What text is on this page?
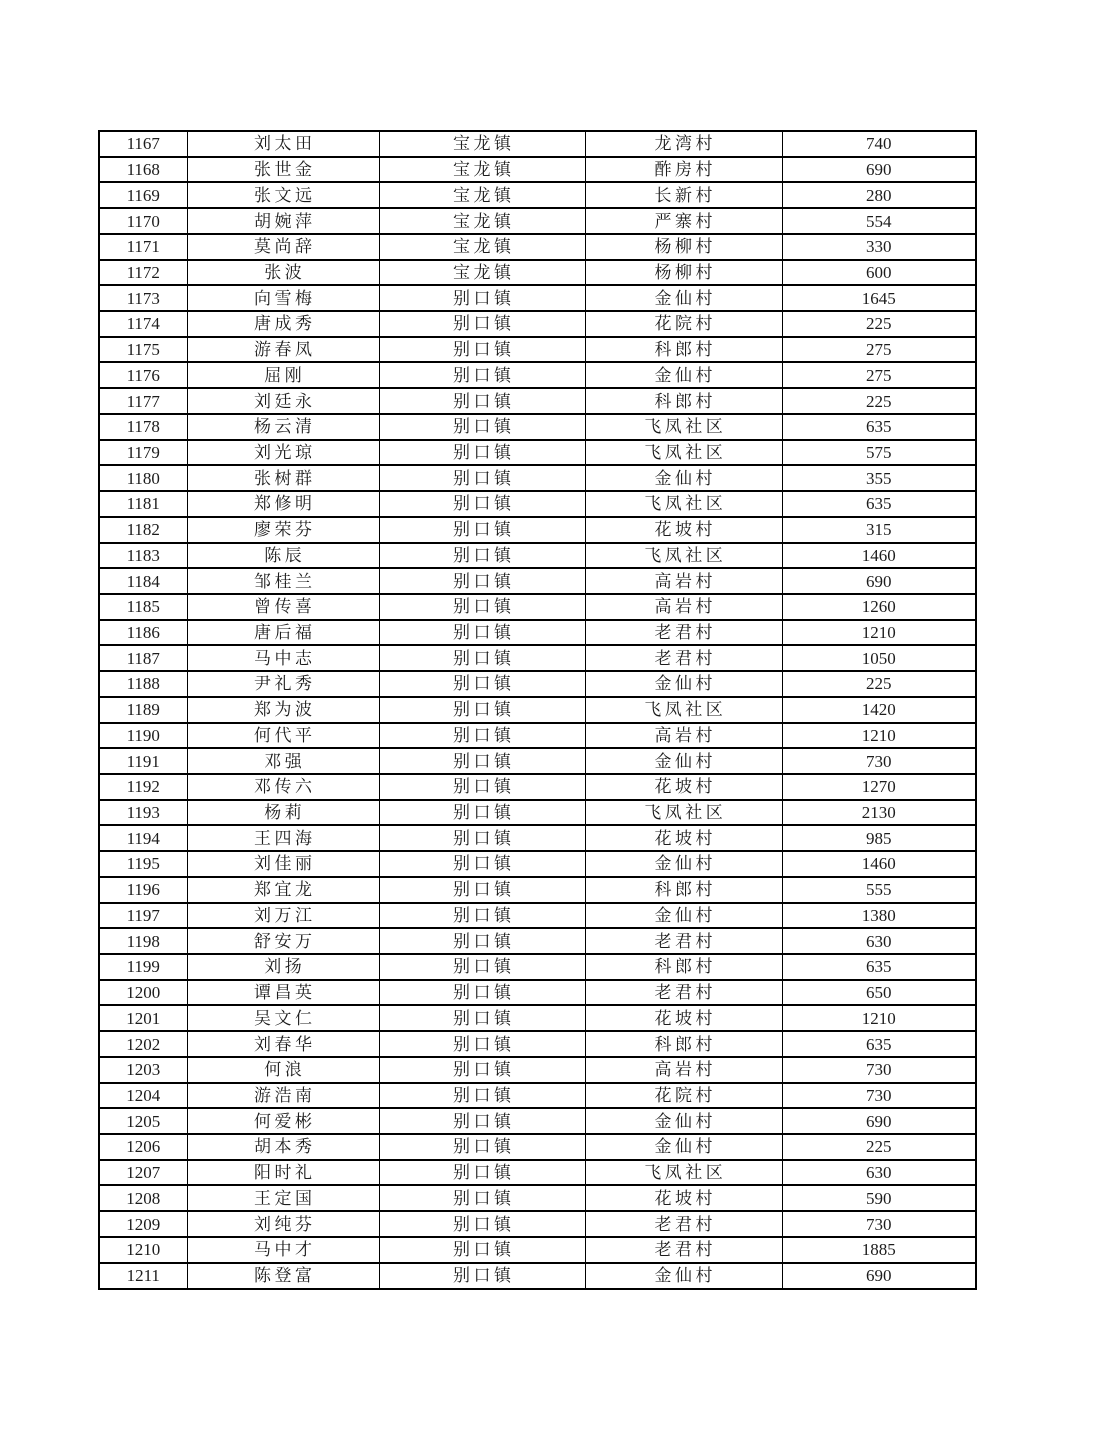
1167	刘太田	宝龙镇	龙湾村	740
1168	张世金	宝龙镇	酢房村	690
1169	张文远	宝龙镇	长新村	280
1170	胡婉萍	宝龙镇	严寨村	554
1171	莫尚辞	宝龙镇	杨柳村	330
1172	张波	宝龙镇	杨柳村	600
1173	向雪梅	别口镇	金仙村	1645
1174	唐成秀	别口镇	花院村	225
1175	游春凤	别口镇	科郎村	275
1176	屈刚	别口镇	金仙村	275
1177	刘廷永	别口镇	科郎村	225
1178	杨云清	别口镇	飞凤社区	635
1179	刘光琼	别口镇	飞凤社区	575
1180	张树群	别口镇	金仙村	355
1181	郑修明	别口镇	飞凤社区	635
1182	廖荣芬	别口镇	花坡村	315
1183	陈辰	别口镇	飞凤社区	1460
1184	邹桂兰	别口镇	高岩村	690
1185	曾传喜	别口镇	高岩村	1260
1186	唐后福	别口镇	老君村	1210
1187	马中志	别口镇	老君村	1050
1188	尹礼秀	别口镇	金仙村	225
1189	郑为波	别口镇	飞凤社区	1420
1190	何代平	别口镇	高岩村	1210
1191	邓强	别口镇	金仙村	730
1192	邓传六	别口镇	花坡村	1270
1193	杨莉	别口镇	飞凤社区	2130
1194	王四海	别口镇	花坡村	985
1195	刘佳丽	别口镇	金仙村	1460
1196	郑宜龙	别口镇	科郎村	555
1197	刘万江	别口镇	金仙村	1380
1198	舒安万	别口镇	老君村	630
1199	刘扬	别口镇	科郎村	635
1200	谭昌英	别口镇	老君村	650
1201	吴文仁	别口镇	花坡村	1210
1202	刘春华	别口镇	科郎村	635
1203	何浪	别口镇	高岩村	730
1204	游浩南	别口镇	花院村	730
1205	何爱彬	别口镇	金仙村	690
1206	胡本秀	别口镇	金仙村	225
1207	阳时礼	别口镇	飞凤社区	630
1208	王定国	别口镇	花坡村	590
1209	刘纯芬	别口镇	老君村	730
1210	马中才	别口镇	老君村	1885
1211	陈登富	别口镇	金仙村	690
